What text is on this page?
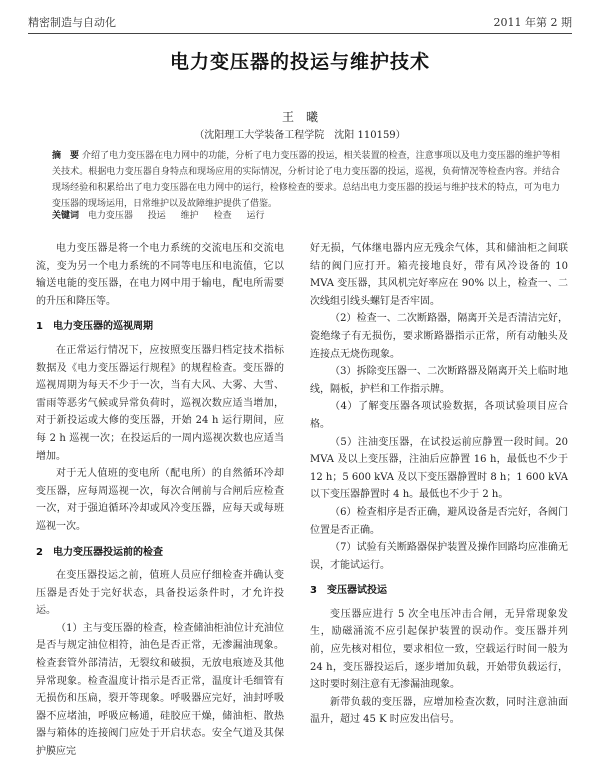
精密制造与自动化	2011 年第 2 期
电力变压器的投运与维护技术
王　曦
（沈阳理工大学装备工程学院　沈阳 110159）
摘　要 介绍了电力变压器在电力网中的功能，分析了电力变压器的投运，相关装置的检查，注意事项以及电力变压器的维护等相关技术。根据电力变压器自身特点和现场应用的实际情况，分析讨论了电力变压器的投运，巡视，负荷情况等检查内容。并结合现场经验和积累给出了电力变压器在电力网中的运行，检修检查的要求。总结出电力变压器的投运与维护技术的特点，可为电力变压器的现场运用，日常维护以及故障维护提供了借鉴。
关键词 电力变压器 投运 维护 检查 运行

电力变压器是将一个电力系统的交流电压和交流电流，变为另一个电力系统的不同等电压和电流值，它以输送电能的变压器，在电力网中用于输电，配电所需要的升压和降压等。

1　电力变压器的巡视周期

在正常运行情况下，应按照变压器归档定技术指标数据及《电力变压器运行规程》的规程检查。变压器的巡视周期为每天不少于一次，当有大风、大雾、大雪、雷雨等恶劣气候或异常负荷时，巡视次数应适当增加，对于新投运或大修的变压器，开始 24 h 运行期间，应每 2 h 巡视一次；在投运后的一周内巡视次数也应适当增加。

对于无人值班的变电所（配电所）的自然循环冷却变压器，应每周巡视一次，每次合闸前与合闸后应检查一次，对于强迫循环冷却或风冷变压器，应每天或每班巡视一次。

2　电力变压器投运前的检查

在变压器投运之前，值班人员应仔细检查并确认变压器是否处于完好状态，具备投运条件时，才允许投运。

（1）主与变压器的检查，检查储油柜油位计充油位是否与规定油位相符，油色是否正常，无渗漏油现象。检查套管外部清洁，无裂纹和破损，无放电痕迹及其他异常现象。检查温度计指示是否正常，温度计毛细管有无损伤和压扁，裂开等现象。呼吸器应完好，油封呼吸器不应堵油，呼吸应畅通，硅胶应干燥，储油柜、散热器与箱体的连接阀门应处于开启状态。安全气道及其保护膜应完

好无损，气体继电器内应无残余气体，其和储油柜之间联结的阀门应打开。箱壳接地良好，带有风冷设备的 10 MVA 变压器，其风机完好率应在 90% 以上，检查一、二次线组引线头螺钉是否牢固。

（2）检查一、二次断路器，隔离开关是否清洁完好，瓷绝缘子有无损伤，要求断路器指示正常，所有动触头及连接点无烧伤现象。

（3）拆除变压器一、二次断路器及隔离开关上临时地线，隔板，护栏和工作指示牌。

（4）了解变压器各项试验数据，各项试验项目应合格。

（5）注油变压器，在试投运前应静置一段时间。20 MVA 及以上变压器，注油后应静置 16 h，最低也不少于 12 h；5 600 kVA 及以下变压器静置时 8 h；1 600 kVA 以下变压器静置时 4 h。最低也不少于 2 h。

（6）检查相序是否正确，避风设备是否完好，各阀门位置是否正确。

（7）试验有关断路器保护装置及操作回路均应准确无误，才能试运行。

3　变压器试投运

变压器应进行 5 次全电压冲击合闸，无异常现象发生，励磁涌流不应引起保护装置的误动作。变压器并列前，应先核对相位，要求相位一致，空载运行时间一般为 24 h，变压器投运后，逐步增加负载，开始带负载运行，这时要时刻注意有无渗漏油现象。

新带负载的变压器，应增加检查次数，同时注意油面温升，超过 45 K 时应发出信号。
